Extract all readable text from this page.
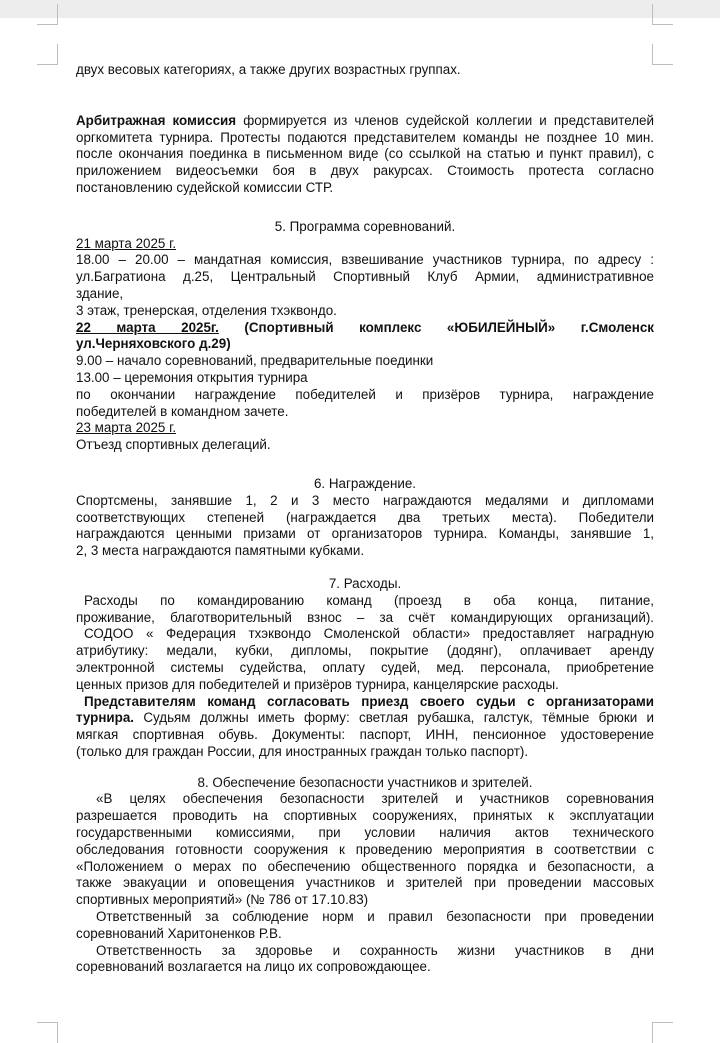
двух весовых категориях, а также других возрастных группах.

Арбитражная комиссия формируется из членов судейской коллегии и представителей

оргкомитета турнира. Протесты подаются представителем команды не позднее 10 мин.

после окончания поединка в письменном виде (со ссылкой на статью и пункт правил), с

приложением видеосъемки боя в двух ракурсах. Стоимость протеста согласно

постановлению судейской комиссии СТР.

5. Программа соревнований.

21 марта 2025 г.

18.00 – 20.00 – мандатная комиссия, взвешивание участников турнира, по адресу :

ул.Багратиона д.25, Центральный Спортивный Клуб Армии, административное

здание,

3 этаж, тренерская, отделения тхэквондо.

22 марта 2025г. (Спортивный комплекс «ЮБИЛЕЙНЫЙ» г.Смоленск

ул.Черняховского д.29)

9.00 – начало соревнований, предварительные поединки

13.00 – церемония открытия турнира

по окончании награждение победителей и призёров турнира, награждение

победителей в командном зачете.

23 марта 2025 г.

Отъезд спортивных делегаций.

6. Награждение.

Спортсмены, занявшие 1, 2 и 3 место награждаются медалями и дипломами

соответствующих степеней (награждается два третьих места). Победители

награждаются ценными призами от организаторов турнира. Команды, занявшие 1,

2, 3 места награждаются памятными кубками.

7. Расходы.

Расходы по командированию команд (проезд в оба конца, питание,

проживание, благотворительный взнос – за счёт командирующих организаций).

СОДОО « Федерация тхэквондо Смоленской области» предоставляет наградную

атрибутику: медали, кубки, дипломы, покрытие (додянг), оплачивает аренду

электронной системы судейства, оплату судей, мед. персонала, приобретение

ценных призов для победителей и призёров турнира, канцелярские расходы.

Представителям команд согласовать приезд своего судьи с организаторами

турнира. Судьям должны иметь форму: светлая рубашка, галстук, тёмные брюки и

мягкая спортивная обувь. Документы: паспорт, ИНН, пенсионное удостоверение

(только для граждан России, для иностранных граждан только паспорт).

8. Обеспечение безопасности участников и зрителей.

«В целях обеспечения безопасности зрителей и участников соревнования

разрешается проводить на спортивных сооружениях, принятых к эксплуатации

государственными комиссиями, при условии наличия актов технического

обследования готовности сооружения к проведению мероприятия в соответствии с

«Положением о мерах по обеспечению общественного порядка и безопасности, а

также эвакуации и оповещения участников и зрителей при проведении массовых

спортивных мероприятий» (№ 786 от 17.10.83)

Ответственный за соблюдение норм и правил безопасности при проведении

соревнований Харитоненков Р.В.

Ответственность за здоровье и сохранность жизни участников в дни

соревнований возлагается на лицо их сопровождающее.
